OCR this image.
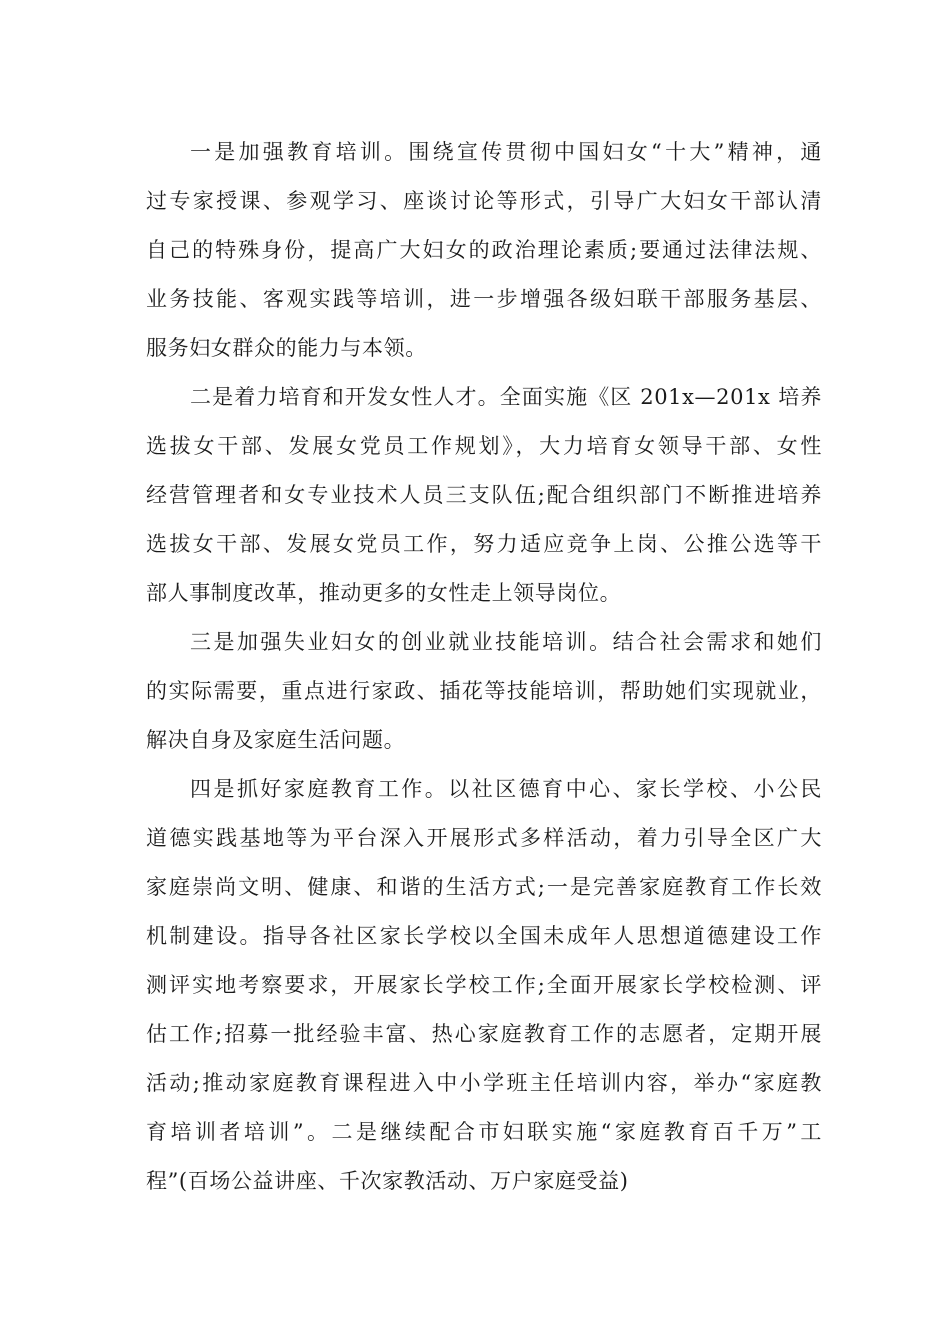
一是加强教育培训。围绕宣传贯彻中国妇女“十大”精神，通
过专家授课、参观学习、座谈讨论等形式，引导广大妇女干部认清
自己的特殊身份，提高广大妇女的政治理论素质;要通过法律法规、
业务技能、客观实践等培训，进一步增强各级妇联干部服务基层、
服务妇女群众的能力与本领。
二是着力培育和开发女性人才。全面实施《区 201x—201x 培养
选拔女干部、发展女党员工作规划》，大力培育女领导干部、女性
经营管理者和女专业技术人员三支队伍;配合组织部门不断推进培养
选拔女干部、发展女党员工作，努力适应竞争上岗、公推公选等干
部人事制度改革，推动更多的女性走上领导岗位。
三是加强失业妇女的创业就业技能培训。结合社会需求和她们
的实际需要，重点进行家政、插花等技能培训，帮助她们实现就业，
解决自身及家庭生活问题。
四是抓好家庭教育工作。以社区德育中心、家长学校、小公民
道德实践基地等为平台深入开展形式多样活动，着力引导全区广大
家庭崇尚文明、健康、和谐的生活方式;一是完善家庭教育工作长效
机制建设。指导各社区家长学校以全国未成年人思想道德建设工作
测评实地考察要求，开展家长学校工作;全面开展家长学校检测、评
估工作;招募一批经验丰富、热心家庭教育工作的志愿者，定期开展
活动;推动家庭教育课程进入中小学班主任培训内容，举办“家庭教
育培训者培训”。二是继续配合市妇联实施“家庭教育百千万”工
程”(百场公益讲座、千次家教活动、万户家庭受益)
